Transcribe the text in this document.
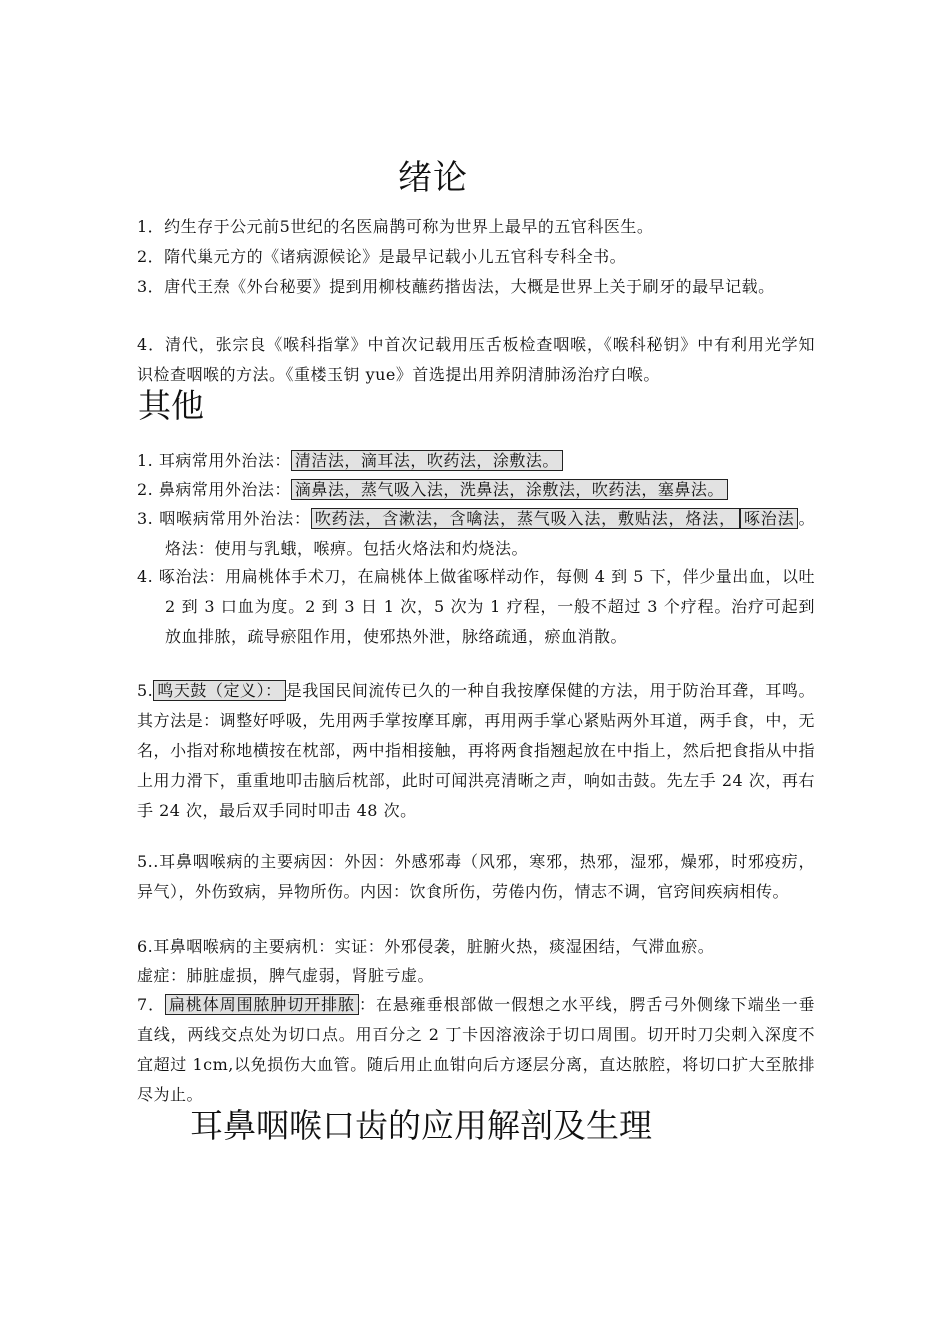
绪论

1．约生存于公元前5世纪的名医扁鹊可称为世界上最早的五官科医生。

2．隋代巢元方的《诸病源候论》是最早记载小儿五官科专科全书。

3．唐代王焘《外台秘要》提到用柳枝蘸药揩齿法，大概是世界上关于刷牙的最早记载。

4．清代，张宗良《喉科指掌》中首次记载用压舌板检查咽喉，《喉科秘钥》中有利用光学知识检查咽喉的方法。《重楼玉钥 yue》首选提出用养阴清肺汤治疗白喉。

其他

1. 耳病常用外治法： 清洁法，滴耳法，吹药法，涂敷法。

2. 鼻病常用外治法： 滴鼻法，蒸气吸入法，洗鼻法，涂敷法，吹药法，塞鼻法。

3. 咽喉病常用外治法： 吹药法，含漱法，含噙法，蒸气吸入法，敷贴法，烙法， 啄治法 。烙法：使用与乳蛾，喉痹。包括火烙法和灼烧法。

4. 啄治法：用扁桃体手术刀，在扁桃体上做雀啄样动作，每侧 4 到 5 下，伴少量出血，以吐 2 到 3 口血为度。2 到 3 日 1 次，5 次为 1 疗程，一般不超过 3 个疗程。治疗可起到放血排脓，疏导瘀阻作用，使邪热外泄，脉络疏通，瘀血消散。

5. 鸣天鼓（定义）： 是我国民间流传已久的一种自我按摩保健的方法，用于防治耳聋，耳鸣。其方法是：调整好呼吸，先用两手掌按摩耳廓，再用两手掌心紧贴两外耳道，两手食，中，无名，小指对称地横按在枕部，两中指相接触，再将两食指翘起放在中指上，然后把食指从中指上用力滑下，重重地叩击脑后枕部，此时可闻洪亮清晰之声，响如击鼓。先左手 24 次，再右手 24 次，最后双手同时叩击 48 次。

5..耳鼻咽喉病的主要病因：外因：外感邪毒（风邪，寒邪，热邪，湿邪，燥邪，时邪疫疠，异气），外伤致病，异物所伤。内因：饮食所伤，劳倦内伤，情志不调，官窍间疾病相传。

6.耳鼻咽喉病的主要病机：实证：外邪侵袭，脏腑火热，痰湿困结，气滞血瘀。

虚症：肺脏虚损，脾气虚弱，肾脏亏虚。

7． 扁桃体周围脓肿切开排脓 ：在悬雍垂根部做一假想之水平线，腭舌弓外侧缘下端坐一垂直线，两线交点处为切口点。用百分之 2 丁卡因溶液涂于切口周围。切开时刀尖刺入深度不宜超过 1cm,以免损伤大血管。随后用止血钳向后方逐层分离，直达脓腔，将切口扩大至脓排尽为止。

耳鼻咽喉口齿的应用解剖及生理
